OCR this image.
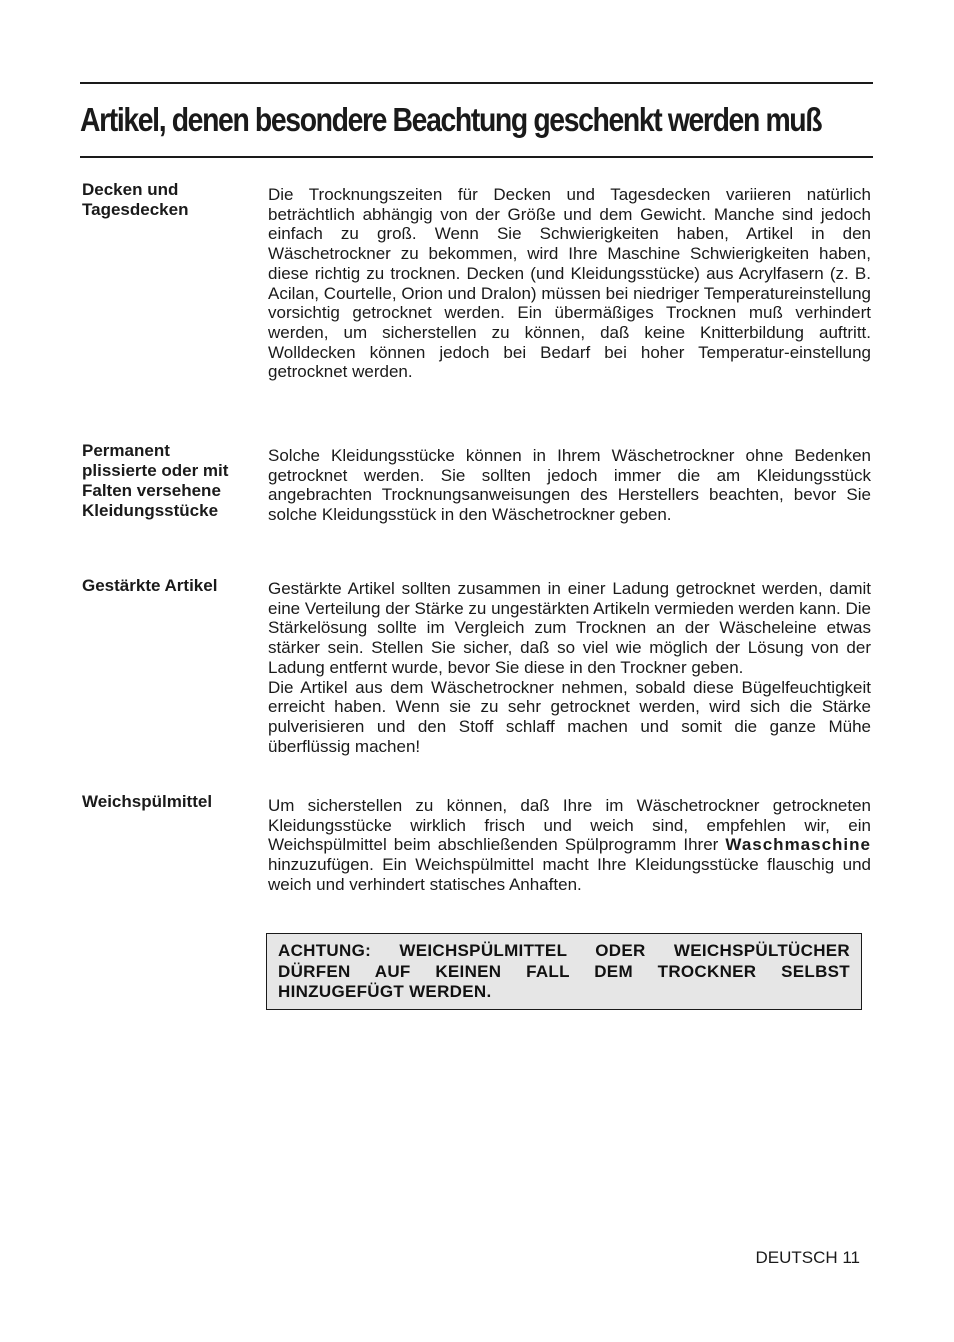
Artikel, denen besondere Beachtung geschenkt werden muß
Decken und
Tagesdecken

Die Trocknungszeiten für Decken und Tagesdecken variieren natürlich beträchtlich abhängig von der Größe und dem Gewicht. Manche sind jedoch einfach zu groß. Wenn Sie Schwierigkeiten haben, Artikel in den Wäschetrockner zu bekommen, wird Ihre Maschine Schwierigkeiten haben, diese richtig zu trocknen. Decken (und Kleidungsstücke) aus Acrylfasern (z. B. Acilan, Courtelle, Orion und Dralon) müssen bei niedriger Temperatureinstellung vorsichtig getrocknet werden. Ein übermäßiges Trocknen muß verhindert werden, um sicherstellen zu können, daß keine Knitterbildung auftritt. Wolldecken können jedoch bei Bedarf bei hoher Temperatur-einstellung getrocknet werden.

Permanent
plissierte oder mit
Falten versehene
Kleidungsstücke

Solche Kleidungsstücke können in Ihrem Wäschetrockner ohne Bedenken getrocknet werden. Sie sollten jedoch immer die am Kleidungsstück angebrachten Trocknungsanweisungen des Herstellers beachten, bevor Sie solche Kleidungsstück in den Wäschetrockner geben.

Gestärkte Artikel	Gestärkte Artikel sollten zusammen in einer Ladung getrocknet werden, damit eine Verteilung der Stärke zu ungestärkten Artikeln vermieden werden kann. Die Stärkelösung sollte im Vergleich zum Trocknen an der Wäscheleine etwas stärker sein. Stellen Sie sicher, daß so viel wie möglich der Lösung von der Ladung entfernt wurde, bevor Sie diese in den Trockner geben.

Die Artikel aus dem Wäschetrockner nehmen, sobald diese Bügelfeuchtigkeit erreicht haben. Wenn sie zu sehr getrocknet werden, wird sich die Stärke pulverisieren und den Stoff schlaff machen und somit die ganze Mühe überflüssig machen!

Weichspülmittel	Um sicherstellen zu können, daß Ihre im Wäschetrockner getrockneten Kleidungsstücke wirklich frisch und weich sind, empfehlen wir, ein Weichspülmittel beim abschließenden Spülprogramm Ihrer Waschmaschine hinzuzufügen. Ein Weichspülmittel macht Ihre Kleidungsstücke flauschig und weich und verhindert statisches Anhaften.

ACHTUNG: WEICHSPÜLMITTEL ODER WEICHSPÜLTÜCHER DÜRFEN AUF KEINEN FALL DEM TROCKNER SELBST HINZUGEFÜGT WERDEN.
DEUTSCH 11
